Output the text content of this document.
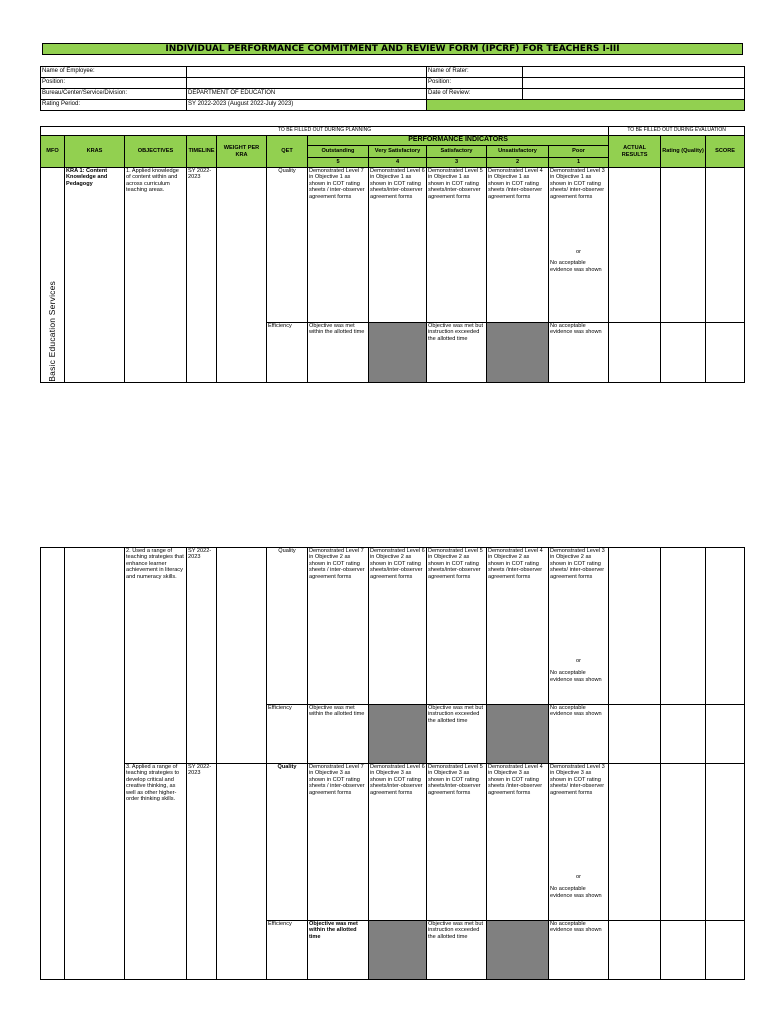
INDIVIDUAL PERFORMANCE COMMITMENT AND REVIEW FORM (IPCRF) FOR TEACHERS I-III
Name of Employee:		Name of Rater:	
Position:		Position:	
Bureau/Center/Service/Division:	DEPARTMENT OF EDUCATION	Date of Review:	
Rating Period:	SY 2022-2023 (August 2022-July 2023)		
TO BE FILLED OUT DURING PLANNING											TO BE FILLED OUT DURING EVALUATION		
MFO	KRAS	OBJECTIVES	TIMELINE	WEIGHT PER KRA	QET	PERFORMANCE INDICATORS					ACTUAL RESULTS	Rating (Quality)	SCORE
						Outstanding	Very Satisfactory	Satisfactory	Unsatisfactory	Poor			
						5	4	3	2	1			

Basic Education Services	KRA 1: Content Knowledge and Pedagogy	1. Applied knowledge of content within and across curriculum teaching areas.	SY 2022-2023		Quality	Demonstrated Level 7 in Objective 1 as shown in COT rating sheets / inter-observer agreement forms	Demonstrated Level 6 in Objective 1 as shown in COT rating sheets/inter-observer agreement forms	Demonstrated Level 5 in Objective 1 as shown in COT rating sheets/inter-observer agreement forms	Demonstrated Level 4 in Objective 1 as shown in COT rating sheets /inter-observer agreement forms	Demonstrated Level 3 in Objective 1 as shown in COT rating sheets/ inter-observer agreement forms
or
No acceptable evidence was shown			

					Efficiency	Objective was met within the allotted time		Objective was met but instruction exceeded the allotted time		No acceptable evidence was shown			
		2. Used a range of teaching strategies that enhance learner achievement in literacy and numeracy skills.	SY 2022-2023		Quality	Demonstrated Level 7 in Objective 2 as shown in COT rating sheets / inter-observer agreement forms	Demonstrated Level 6 in Objective 2 as shown in COT rating sheets/inter-observer agreement forms	Demonstrated Level 5 in Objective 2 as shown in COT rating sheets/inter-observer agreement forms	Demonstrated Level 4 in Objective 2 as shown in COT rating sheets /inter-observer agreement forms	Demonstrated Level 3 in Objective 2 as shown in COT rating sheets/ inter-observer agreement forms
or
No acceptable evidence was shown			

					Efficiency	Objective was met within the allotted time		Objective was met but instruction exceeded the allotted time		No acceptable evidence was shown			
		3. Applied a range of teaching strategies to develop critical and creative thinking, as well as other higher-order thinking skills.	SY 2022-2023		Quality	Demonstrated Level 7 in Objective 3 as shown in COT rating sheets / inter-observer agreement forms	Demonstrated Level 6 in Objective 3 as shown in COT rating sheets/inter-observer agreement forms	Demonstrated Level 5 in Objective 3 as shown in COT rating sheets/inter-observer agreement forms	Demonstrated Level 4 in Objective 3 as shown in COT rating sheets /inter-observer agreement forms	Demonstrated Level 3 in Objective 3 as shown in COT rating sheets/ inter-observer agreement forms
or
No acceptable evidence was shown			

					Efficiency	Objective was met within the allotted time		Objective was met but instruction exceeded the allotted time		No acceptable evidence was shown			
